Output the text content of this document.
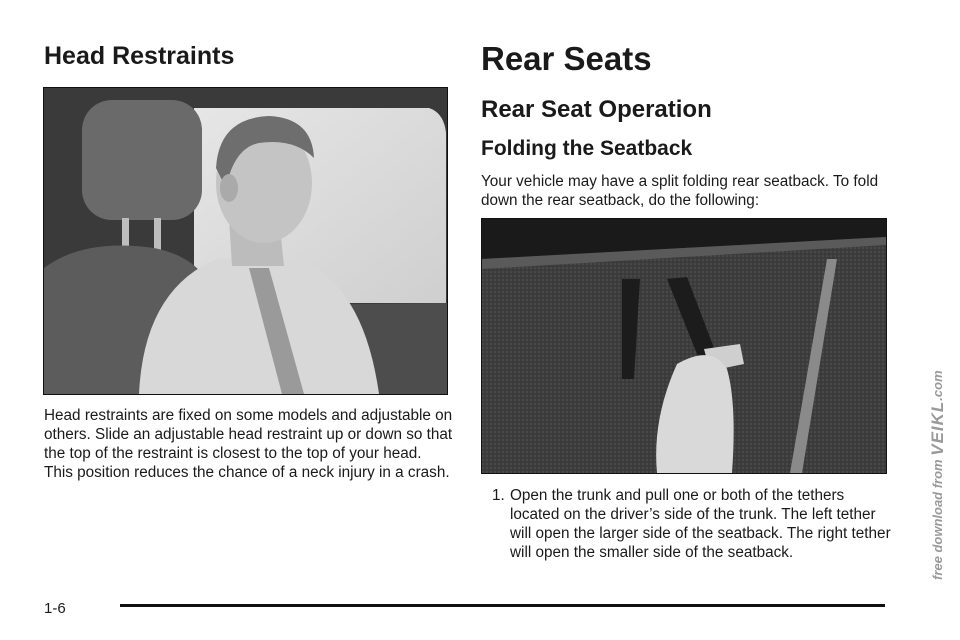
Head Restraints

Head restraints are fixed on some models and adjustable on others. Slide an adjustable head restraint up or down so that the top of the restraint is closest to the top of your head. This position reduces the chance of a neck injury in a crash.

Rear Seats
Rear Seat Operation
Folding the Seatback

Your vehicle may have a split folding rear seatback. To fold down the rear seatback, do the following:

1. Open the trunk and pull one or both of the tethers located on the driver’s side of the trunk. The left tether will open the larger side of the seatback. The right tether will open the smaller side of the seatback.
1-6
free download from VEIKL.com
